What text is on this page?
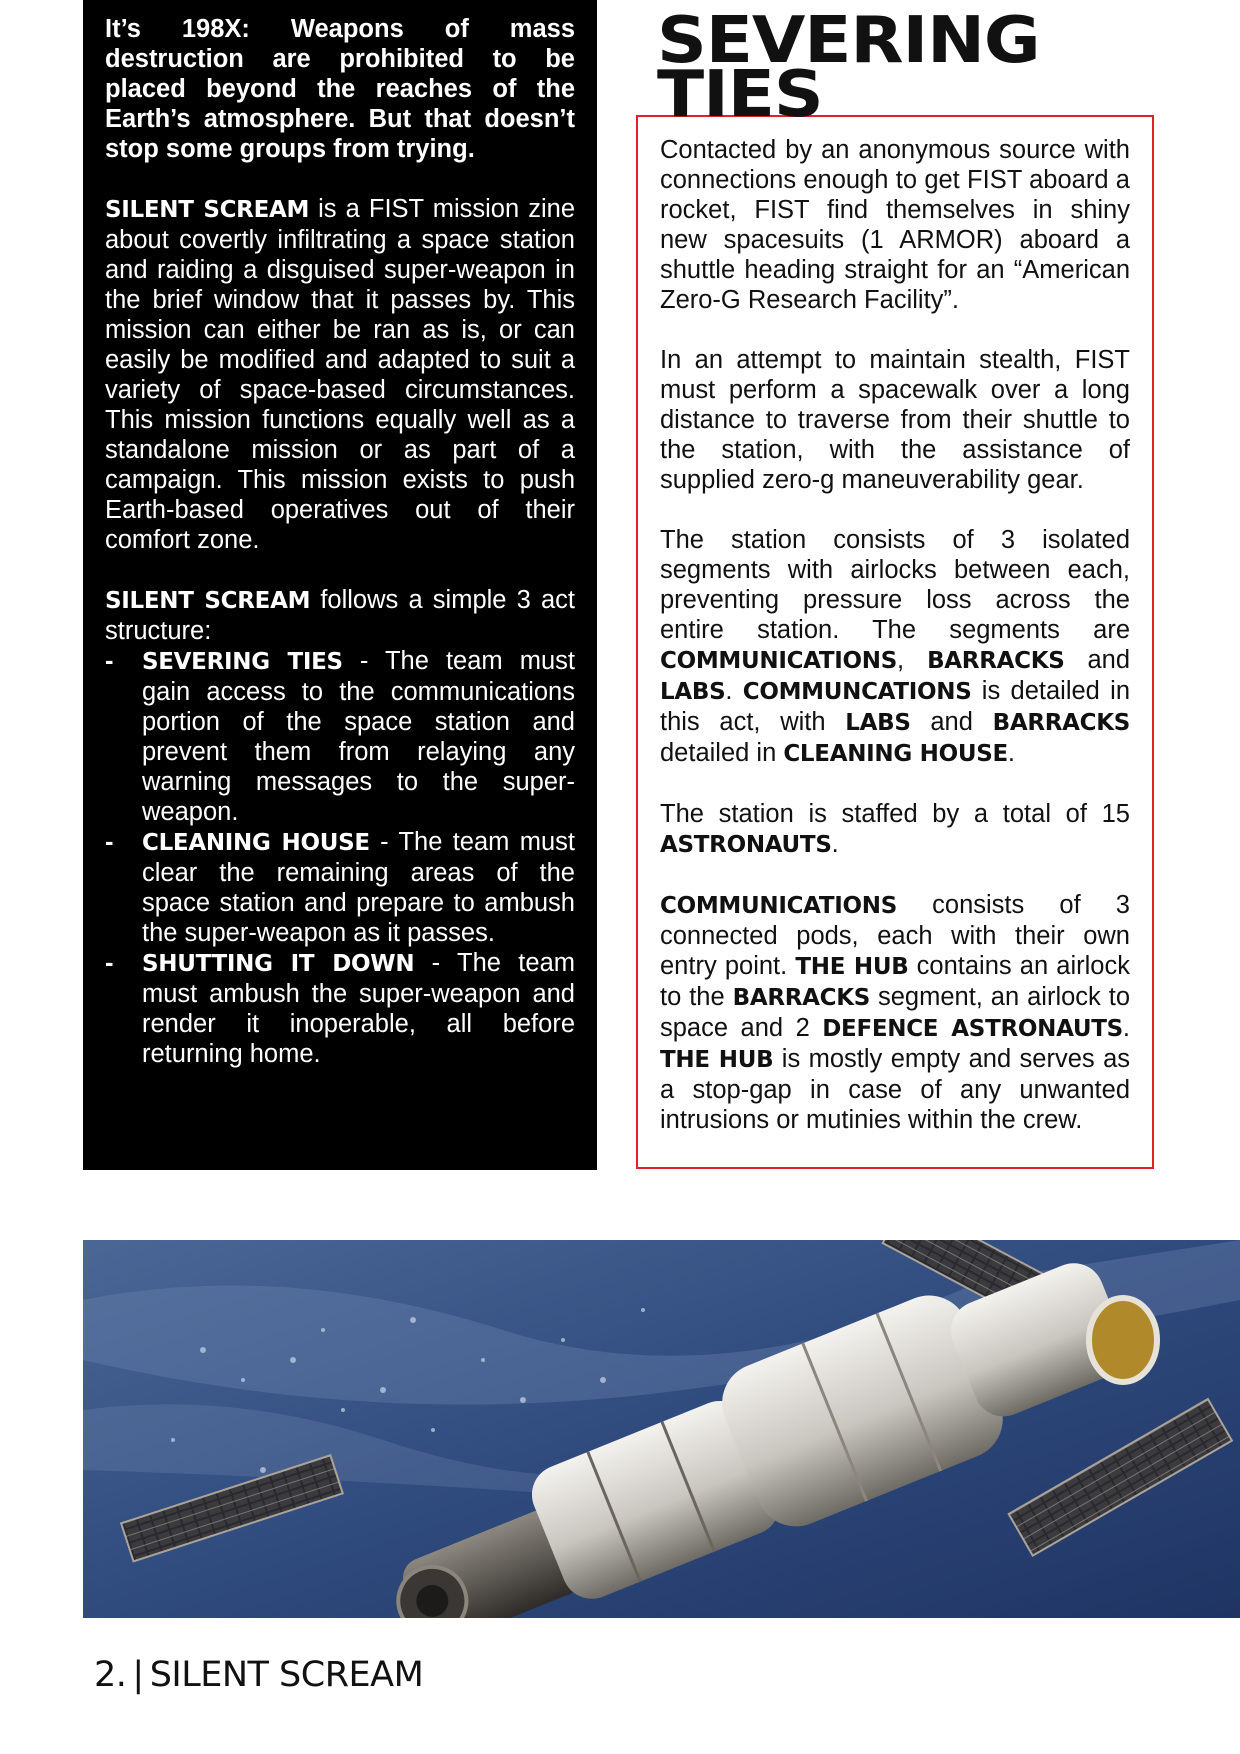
It’s 198X: Weapons of mass destruction are prohibited to be placed beyond the reaches of the Earth’s atmosphere. But that doesn’t stop some groups from trying.

SILENT SCREAM is a FIST mission zine about covertly infiltrating a space station and raiding a disguised super-weapon in the brief window that it passes by. This mission can either be ran as is, or can easily be modified and adapted to suit a variety of space-based circumstances. This mission functions equally well as a standalone mission or as part of a campaign. This mission exists to push Earth-based operatives out of their comfort zone.

SILENT SCREAM follows a simple 3 act structure:

- SEVERING TIES - The team must gain access to the communications portion of the space station and prevent them from relaying any warning messages to the super-weapon.
- CLEANING HOUSE - The team must clear the remaining areas of the space station and prepare to ambush the super-weapon as it passes.
- SHUTTING IT DOWN - The team must ambush the super-weapon and render it inoperable, all before returning home.

Contacted by an anonymous source with connections enough to get FIST aboard a rocket, FIST find themselves in shiny new spacesuits (1 ARMOR) aboard a shuttle heading straight for an “American Zero-G Research Facility”.

In an attempt to maintain stealth, FIST must perform a spacewalk over a long distance to traverse from their shuttle to the station, with the assistance of supplied zero-g maneuverability gear.

The station consists of 3 isolated segments with airlocks between each, preventing pressure loss across the entire station. The segments are COMMUNICATIONS, BARRACKS and LABS. COMMUNCATIONS is detailed in this act, with LABS and BARRACKS detailed in CLEANING HOUSE.

The station is staffed by a total of 15 ASTRONAUTS.

COMMUNICATIONS consists of 3 connected pods, each with their own entry point. THE HUB contains an airlock to the BARRACKS segment, an airlock to space and 2 DEFENCE ASTRONAUTS. THE HUB is mostly empty and serves as a stop-gap in case of any unwanted intrusions or mutinies within the crew.

SEVERING
TIES

2. | SILENT SCREAM
